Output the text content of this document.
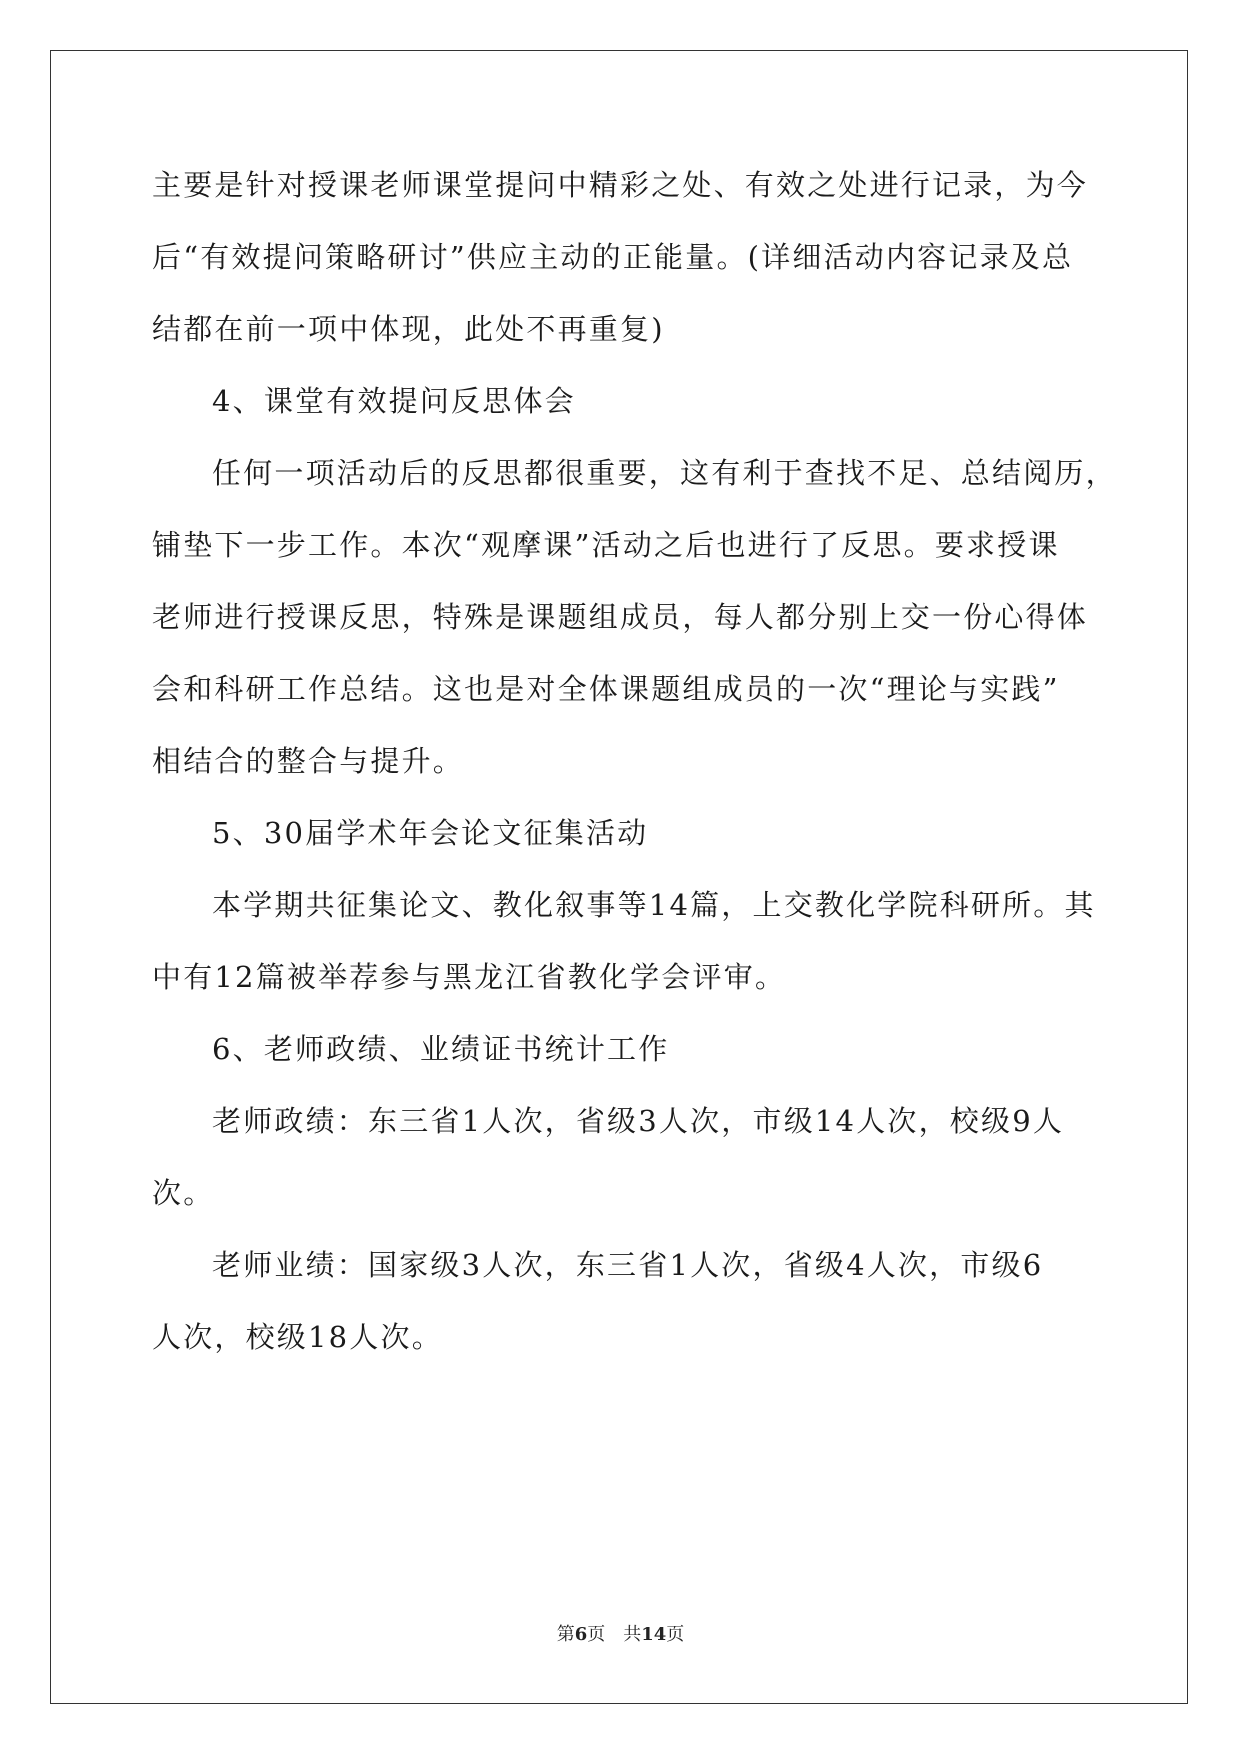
主要是针对授课老师课堂提问中精彩之处、有效之处进行记录，为今
后“有效提问策略研讨”供应主动的正能量。(详细活动内容记录及总
结都在前一项中体现，此处不再重复)
4、课堂有效提问反思体会
任何一项活动后的反思都很重要，这有利于查找不足、总结阅历，
铺垫下一步工作。本次“观摩课”活动之后也进行了反思。要求授课
老师进行授课反思，特殊是课题组成员，每人都分别上交一份心得体
会和科研工作总结。这也是对全体课题组成员的一次“理论与实践”
相结合的整合与提升。
5、30届学术年会论文征集活动
本学期共征集论文、教化叙事等14篇，上交教化学院科研所。其
中有12篇被举荐参与黑龙江省教化学会评审。
6、老师政绩、业绩证书统计工作
老师政绩：东三省1人次，省级3人次，市级14人次，校级9人
次。
老师业绩：国家级3人次，东三省1人次，省级4人次，市级6
人次，校级18人次。
第6页　共14页
